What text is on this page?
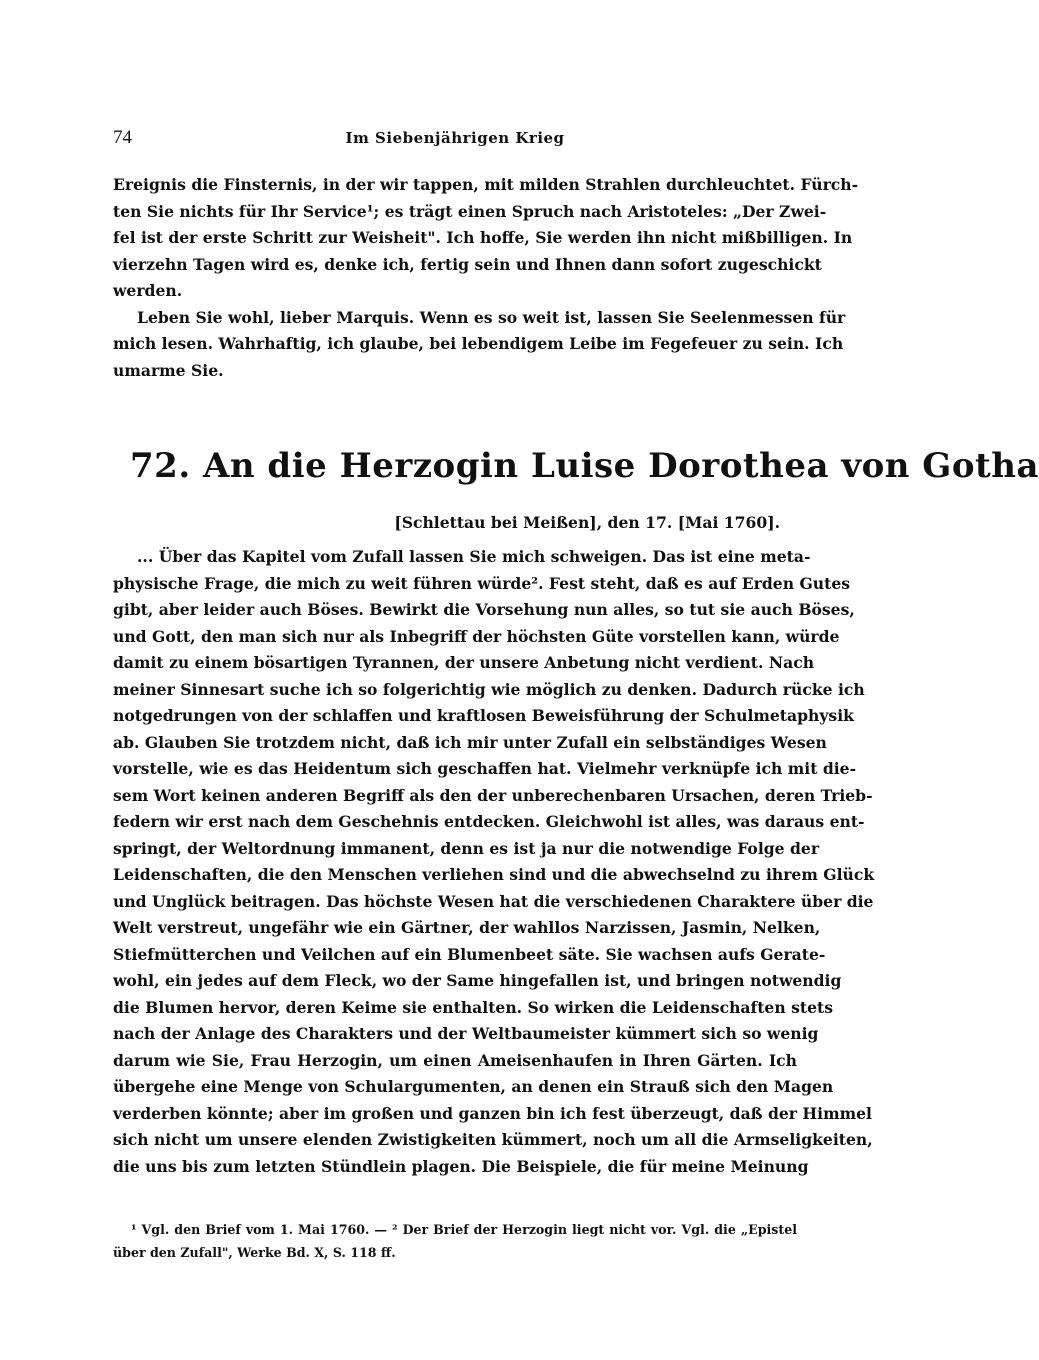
74	Im Siebenjährigen Krieg

Ereignis die Finsternis, in der wir tappen, mit milden Strahlen durchleuchtet. Fürch-
ten Sie nichts für Ihr Service¹; es trägt einen Spruch nach Aristoteles: „Der Zwei-
fel ist der erste Schritt zur Weisheit". Ich hoffe, Sie werden ihn nicht mißbilligen. In
vierzehn Tagen wird es, denke ich, fertig sein und Ihnen dann sofort zugeschickt
werden.

Leben Sie wohl, lieber Marquis. Wenn es so weit ist, lassen Sie Seelenmessen für
mich lesen. Wahrhaftig, ich glaube, bei lebendigem Leibe im Fegefeuer zu sein. Ich
umarme Sie.

72. An die Herzogin Luise Dorothea von Gotha
[Schlettau bei Meißen], den 17. [Mai 1760].

... Über das Kapitel vom Zufall lassen Sie mich schweigen. Das ist eine meta-
physische Frage, die mich zu weit führen würde². Fest steht, daß es auf Erden Gutes
gibt, aber leider auch Böses. Bewirkt die Vorsehung nun alles, so tut sie auch Böses,
und Gott, den man sich nur als Inbegriff der höchsten Güte vorstellen kann, würde
damit zu einem bösartigen Tyrannen, der unsere Anbetung nicht verdient. Nach
meiner Sinnesart suche ich so folgerichtig wie möglich zu denken. Dadurch rücke ich
notgedrungen von der schlaffen und kraftlosen Beweisführung der Schulmetaphysik
ab. Glauben Sie trotzdem nicht, daß ich mir unter Zufall ein selbständiges Wesen
vorstelle, wie es das Heidentum sich geschaffen hat. Vielmehr verknüpfe ich mit die-
sem Wort keinen anderen Begriff als den der unberechenbaren Ursachen, deren Trieb-
federn wir erst nach dem Geschehnis entdecken. Gleichwohl ist alles, was daraus ent-
springt, der Weltordnung immanent, denn es ist ja nur die notwendige Folge der
Leidenschaften, die den Menschen verliehen sind und die abwechselnd zu ihrem Glück
und Unglück beitragen. Das höchste Wesen hat die verschiedenen Charaktere über die
Welt verstreut, ungefähr wie ein Gärtner, der wahllos Narzissen, Jasmin, Nelken,
Stiefmütterchen und Veilchen auf ein Blumenbeet säte. Sie wachsen aufs Gerate-
wohl, ein jedes auf dem Fleck, wo der Same hingefallen ist, und bringen notwendig
die Blumen hervor, deren Keime sie enthalten. So wirken die Leidenschaften stets
nach der Anlage des Charakters und der Weltbaumeister kümmert sich so wenig
darum wie Sie, Frau Herzogin, um einen Ameisenhaufen in Ihren Gärten. Ich
übergehe eine Menge von Schulargumenten, an denen ein Strauß sich den Magen
verderben könnte; aber im großen und ganzen bin ich fest überzeugt, daß der Himmel
sich nicht um unsere elenden Zwistigkeiten kümmert, noch um all die Armseligkeiten,
die uns bis zum letzten Stündlein plagen. Die Beispiele, die für meine Meinung

¹ Vgl. den Brief vom 1. Mai 1760. — ² Der Brief der Herzogin liegt nicht vor. Vgl. die „Epistel
über den Zufall", Werke Bd. X, S. 118 ff.
